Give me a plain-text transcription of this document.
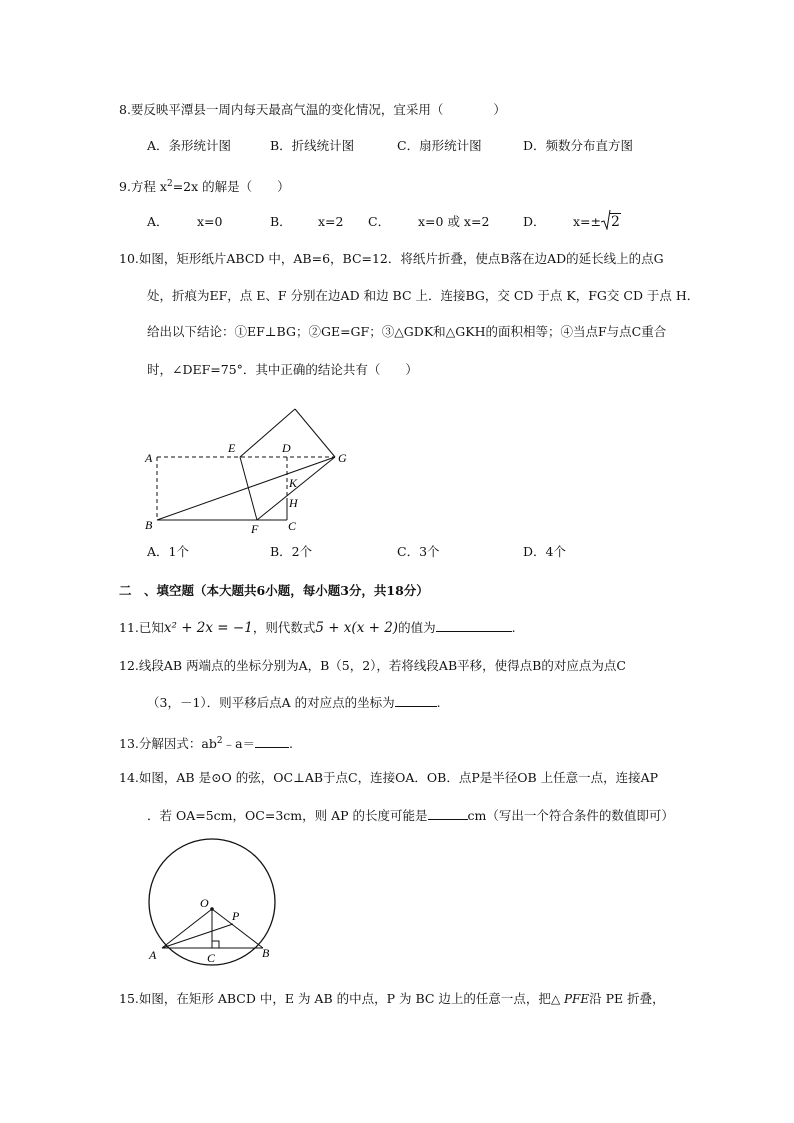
8.要反映平潭县一周内每天最高气温的变化情况，宜采用（　　　　）
A．条形统计图	B．折线统计图	C．扇形统计图	D．频数分布直方图
9.方程 $x^2=2x$ 的解是（　　）
A． x=0	B． x=2 C． x=0 或 x=2	D． x=± 2
10.如图，矩形纸片ABCD 中，AB=6，BC=12．将纸片折叠，使点B落在边AD的延长线上的点G
处，折痕为EF，点 E、F 分别在边AD 和边 BC 上．连接BG，交 CD 于点 K，FG交 CD 于点 H．
给出以下结论：①EF⊥BG；②GE=GF；③△GDK和△GKH的面积相等；④当点F与点C重合
时，∠DEF=75°．其中正确的结论共有（　　）
A
B	C
D
E
F
G
H
K
A．1个	B．2个	C．3个	D．4个
二　、填空题（本大题共6小题，每小题3分，共18分）
11.已知x² + 2x = −1，则代数式5 + x(x + 2)的值为	.
12.线段AB 两端点的坐标分别为A，B（5，2），若将线段AB平移，使得点B的对应点为点C
（3，－1）．则平移后点A 的对应点的坐标为	.
13.分解因式：$ab^2﹣a=$	.
14.如图，AB 是⊙O 的弦，OC⊥AB于点C，连接OA．OB．点P是半径OB 上任意一点，连接AP
．若 OA=5cm，OC=3cm，则 AP 的长度可能是	cm（写出一个符合条件的数值即可）
O
P
A	B
C
15.如图，在矩形 ABCD 中，E 为 AB 的中点，P 为 BC 边上的任意一点，把△ PFE沿 PE 折叠，
